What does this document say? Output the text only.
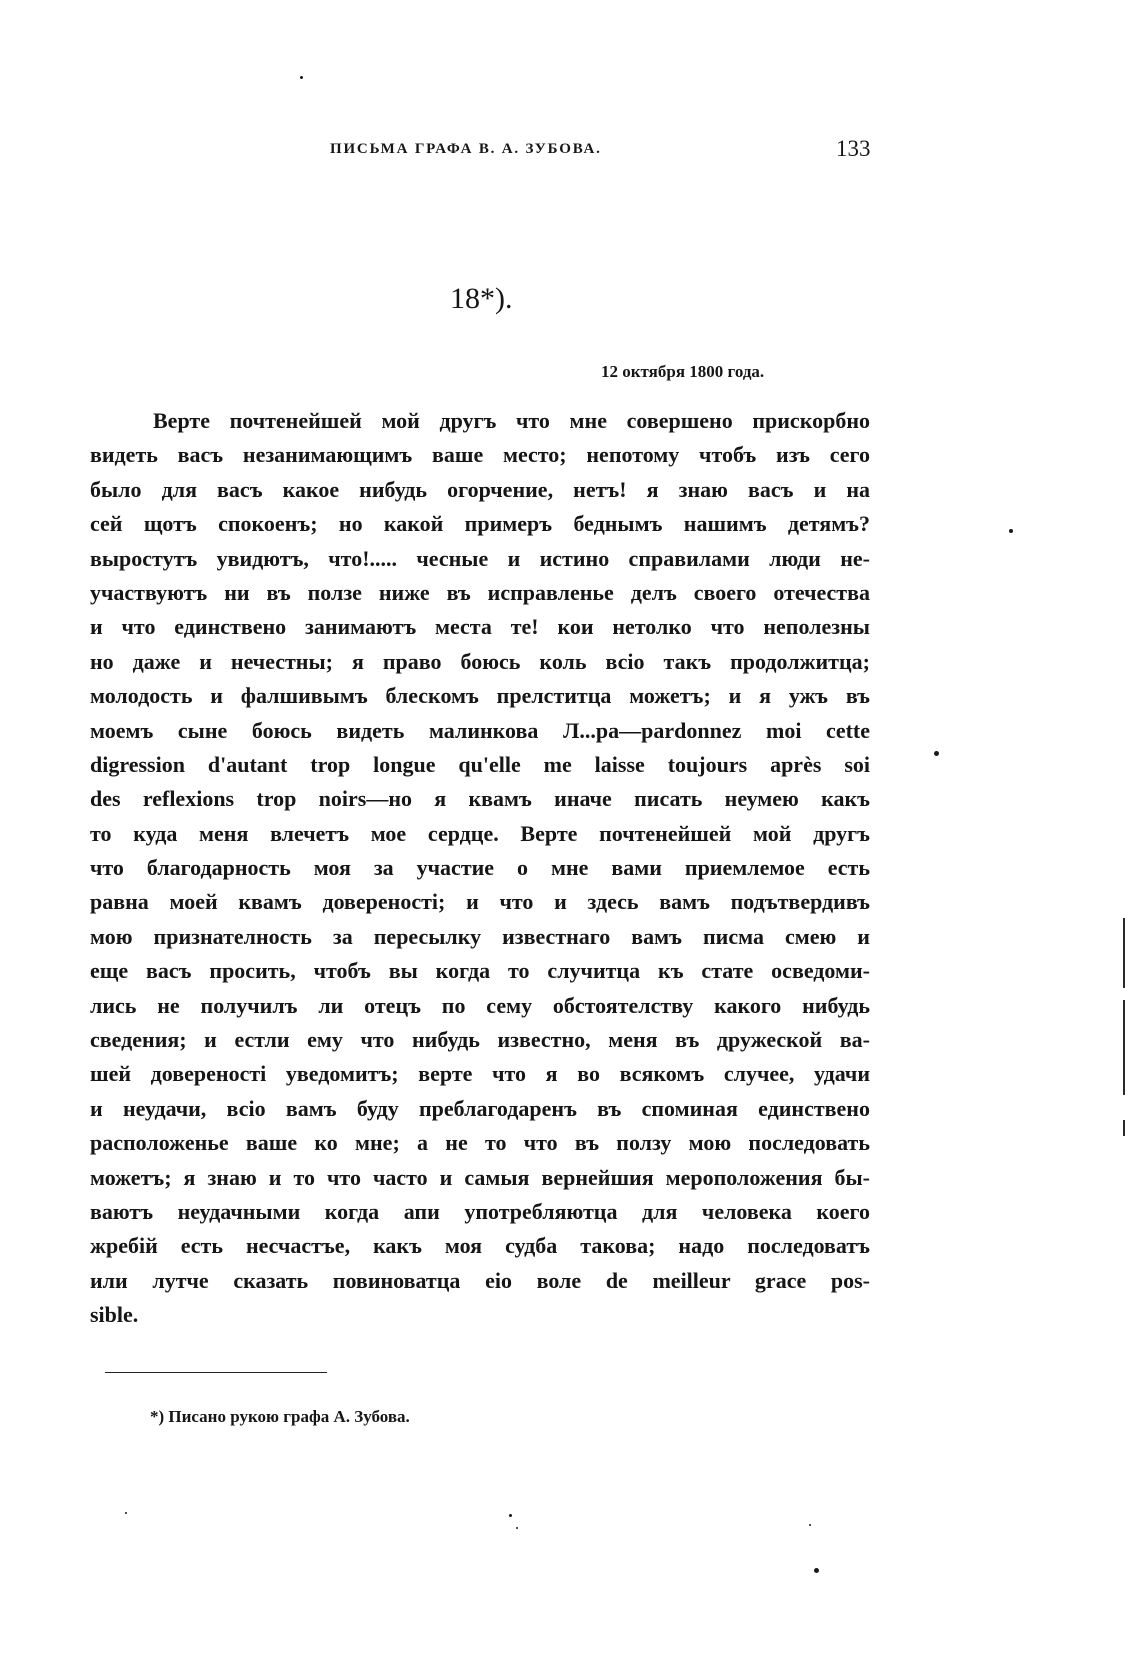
ПИСЬМА ГРАФА В. А. ЗУБОВА.	133
18*).
12 октября 1800 года.
Верте почтенейшей мой другъ что мне совершено прискорбно
видеть васъ незанимающимъ ваше место; непотому чтобъ изъ сего
было для васъ какое нибудь огорчение, нетъ! я знаю васъ и на
сей щотъ спокоенъ; но какой примеръ беднымъ нашимъ детямъ?
выростутъ увидютъ, что!..... чесные и истино справилами люди не-
участвуютъ ни въ ползе ниже въ исправленье делъ своего отечества
и что единствено занимаютъ места те! кои нетолко что неполезны
но даже и нечестны; я право боюсь коль всіо такъ продолжитца;
молодость и фалшивымъ блескомъ прелститца можетъ; и я ужъ въ
моемъ сыне боюсь видеть малинкова Л...ра—pardonnez moi cette
digression d'autant trop longue qu'elle me laisse toujours après soi
des reflexions trop noirs—но я квамъ иначе писать неумею какъ
то куда меня влечетъ мое сердце. Верте почтенейшей мой другъ
что благодарность моя за участие о мне вами приемлемое есть
равна моей квамъ довереності; и что и здесь вамъ подътвердивъ
мою признателность за пересылку известнаго вамъ писма смею и
еще васъ просить, чтобъ вы когда то случитца къ стате осведоми-
лись не получилъ ли отецъ по сему обстоятелству какого нибудь
сведения; и естли ему что нибудь известно, меня въ дружеской ва-
шей довереності уведомитъ; верте что я во всякомъ случее, удачи
и неудачи, всіо вамъ буду преблагодаренъ въ споминая единствено
расположенье ваше ко мне; а не то что въ ползу мою последовать
можетъ; я знаю и то что часто и самыя вернейшия мероположения бы-
ваютъ неудачными когда апи употребляютца для человека коего
жребій есть несчастъе, какъ моя судба такова; надо последоватъ
или лутче сказать повиноватца еіо воле de meilleur grace pos-
sible.
*) Писано рукою графа А. Зубова.
